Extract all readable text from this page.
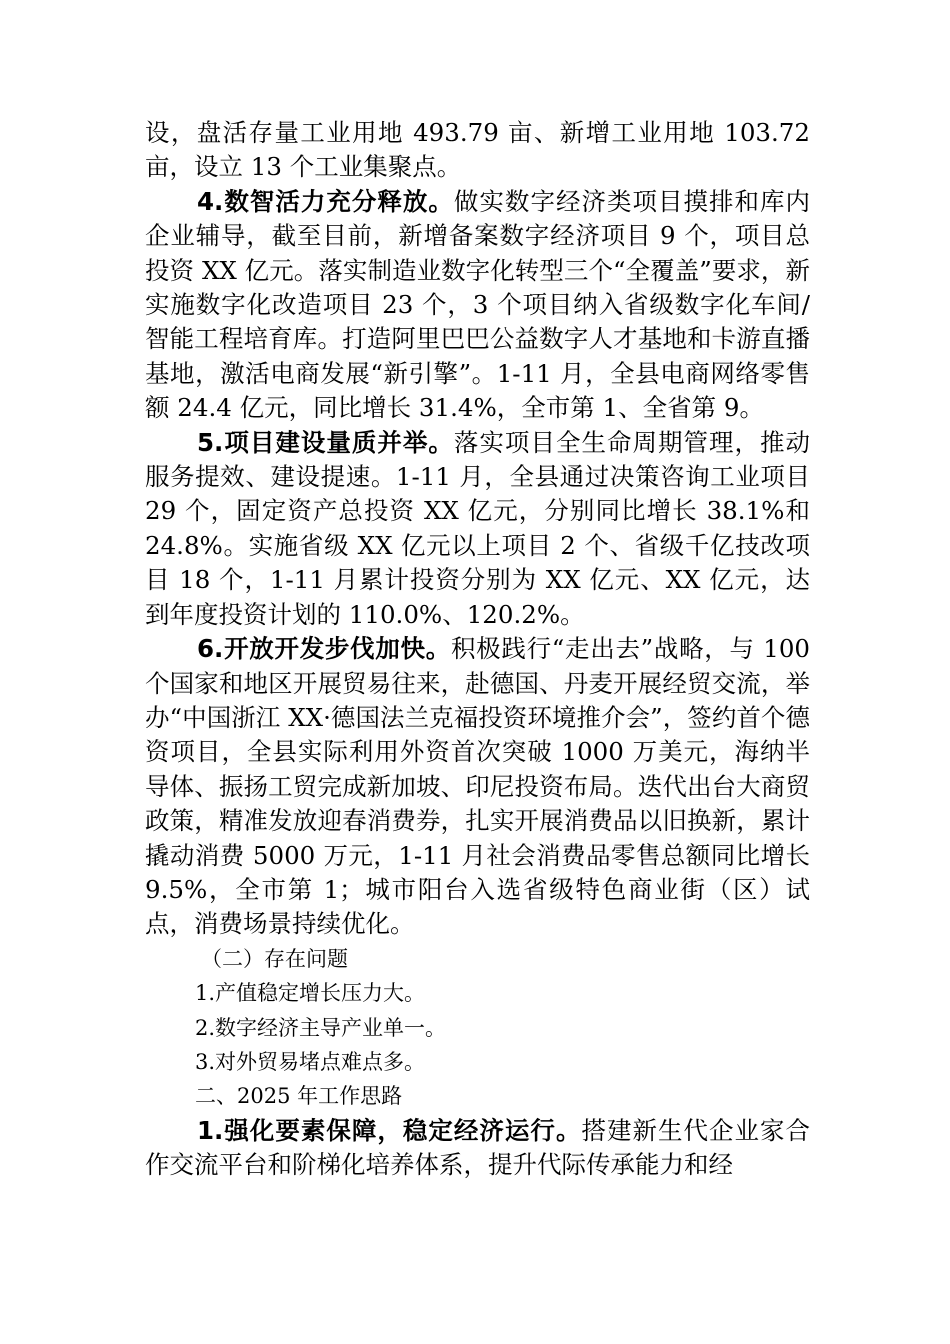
设，盘活存量工业用地 493.79 亩、新增工业用地 103.72 亩，设立 13 个工业集聚点。

4.数智活力充分释放。做实数字经济类项目摸排和库内企业辅导，截至目前，新增备案数字经济项目 9 个，项目总投资 XX 亿元。落实制造业数字化转型三个“全覆盖”要求，新实施数字化改造项目 23 个，3 个项目纳入省级数字化车间/智能工程培育库。打造阿里巴巴公益数字人才基地和卡游直播基地，激活电商发展“新引擎”。1-11 月，全县电商网络零售额 24.4 亿元，同比增长 31.4%，全市第 1、全省第 9。

5.项目建设量质并举。落实项目全生命周期管理，推动服务提效、建设提速。1-11 月，全县通过决策咨询工业项目 29 个，固定资产总投资 XX 亿元，分别同比增长 38.1%和 24.8%。实施省级 XX 亿元以上项目 2 个、省级千亿技改项目 18 个，1-11 月累计投资分别为 XX 亿元、XX 亿元，达到年度投资计划的 110.0%、120.2%。

6.开放开发步伐加快。积极践行“走出去”战略，与 100 个国家和地区开展贸易往来，赴德国、丹麦开展经贸交流，举办“中国浙江 XX·德国法兰克福投资环境推介会”，签约首个德资项目，全县实际利用外资首次突破 1000 万美元，海纳半导体、振扬工贸完成新加坡、印尼投资布局。迭代出台大商贸政策，精准发放迎春消费券，扎实开展消费品以旧换新，累计撬动消费 5000 万元，1-11 月社会消费品零售总额同比增长 9.5%，全市第 1；城市阳台入选省级特色商业街（区）试点，消费场景持续优化。

（二）存在问题

1.产值稳定增长压力大。

2.数字经济主导产业单一。

3.对外贸易堵点难点多。

二、2025 年工作思路

1.强化要素保障，稳定经济运行。搭建新生代企业家合作交流平台和阶梯化培养体系，提升代际传承能力和经
